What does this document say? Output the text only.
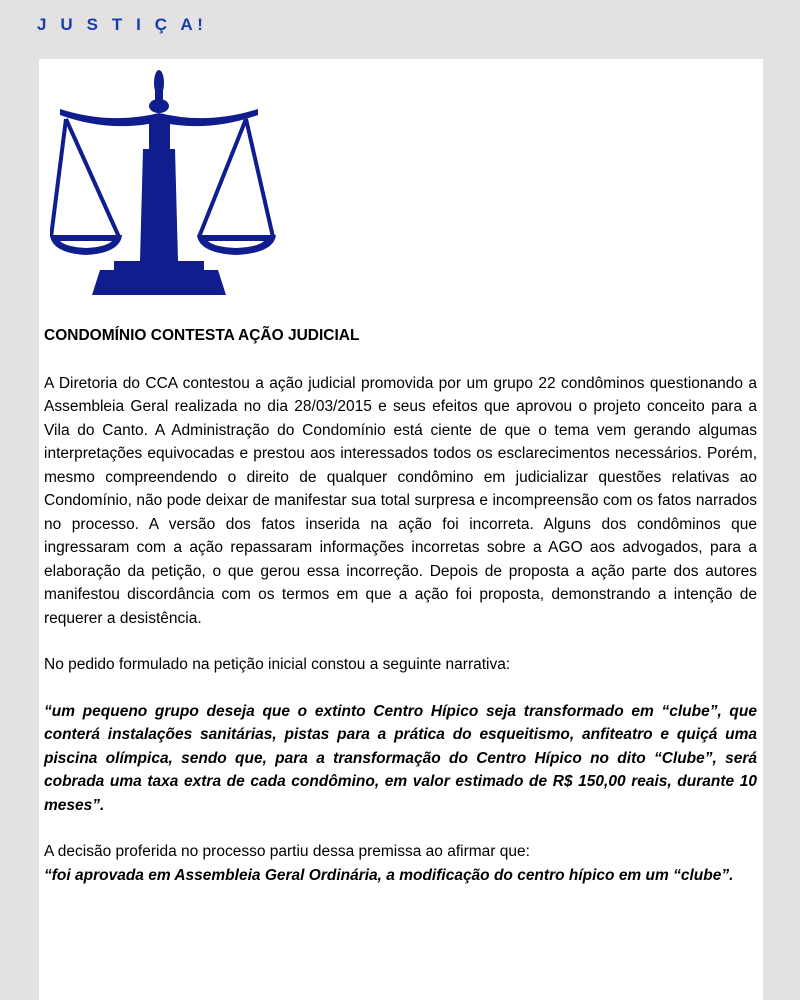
J U S T I Ç A!

CONDOMÍNIO CONTESTA AÇÃO JUDICIAL

A Diretoria do CCA contestou a ação judicial promovida por um grupo 22 condôminos questionando a Assembleia Geral realizada no dia 28/03/2015 e seus efeitos que aprovou o projeto conceito para a Vila do Canto. A Administração do Condomínio está ciente de que o tema vem gerando algumas interpretações equivocadas e prestou aos interessados todos os esclarecimentos necessários. Porém, mesmo compreendendo o direito de qualquer condômino em judicializar questões relativas ao Condomínio, não pode deixar de manifestar sua total surpresa e incompreensão com os fatos narrados no processo. A versão dos fatos inserida na ação foi incorreta. Alguns dos condôminos que ingressaram com a ação repassaram informações incorretas sobre a AGO aos advogados, para a elaboração da petição, o que gerou essa incorreção. Depois de proposta a ação parte dos autores manifestou discordância com os termos em que a ação foi proposta, demonstrando a intenção de requerer a desistência.

No pedido formulado na petição inicial constou a seguinte narrativa:

“um pequeno grupo deseja que o extinto Centro Hípico seja transformado em “clube”, que conterá instalações sanitárias, pistas para a prática do esqueitismo, anfiteatro e quiçá uma piscina olímpica, sendo que, para a transformação do Centro Hípico no dito “Clube”, será cobrada uma taxa extra de cada condômino, em valor estimado de R$ 150,00 reais, durante 10 meses”.

A decisão proferida no processo partiu dessa premissa ao afirmar que:

“foi aprovada em Assembleia Geral Ordinária, a modificação do centro hípico em um “clube”.
